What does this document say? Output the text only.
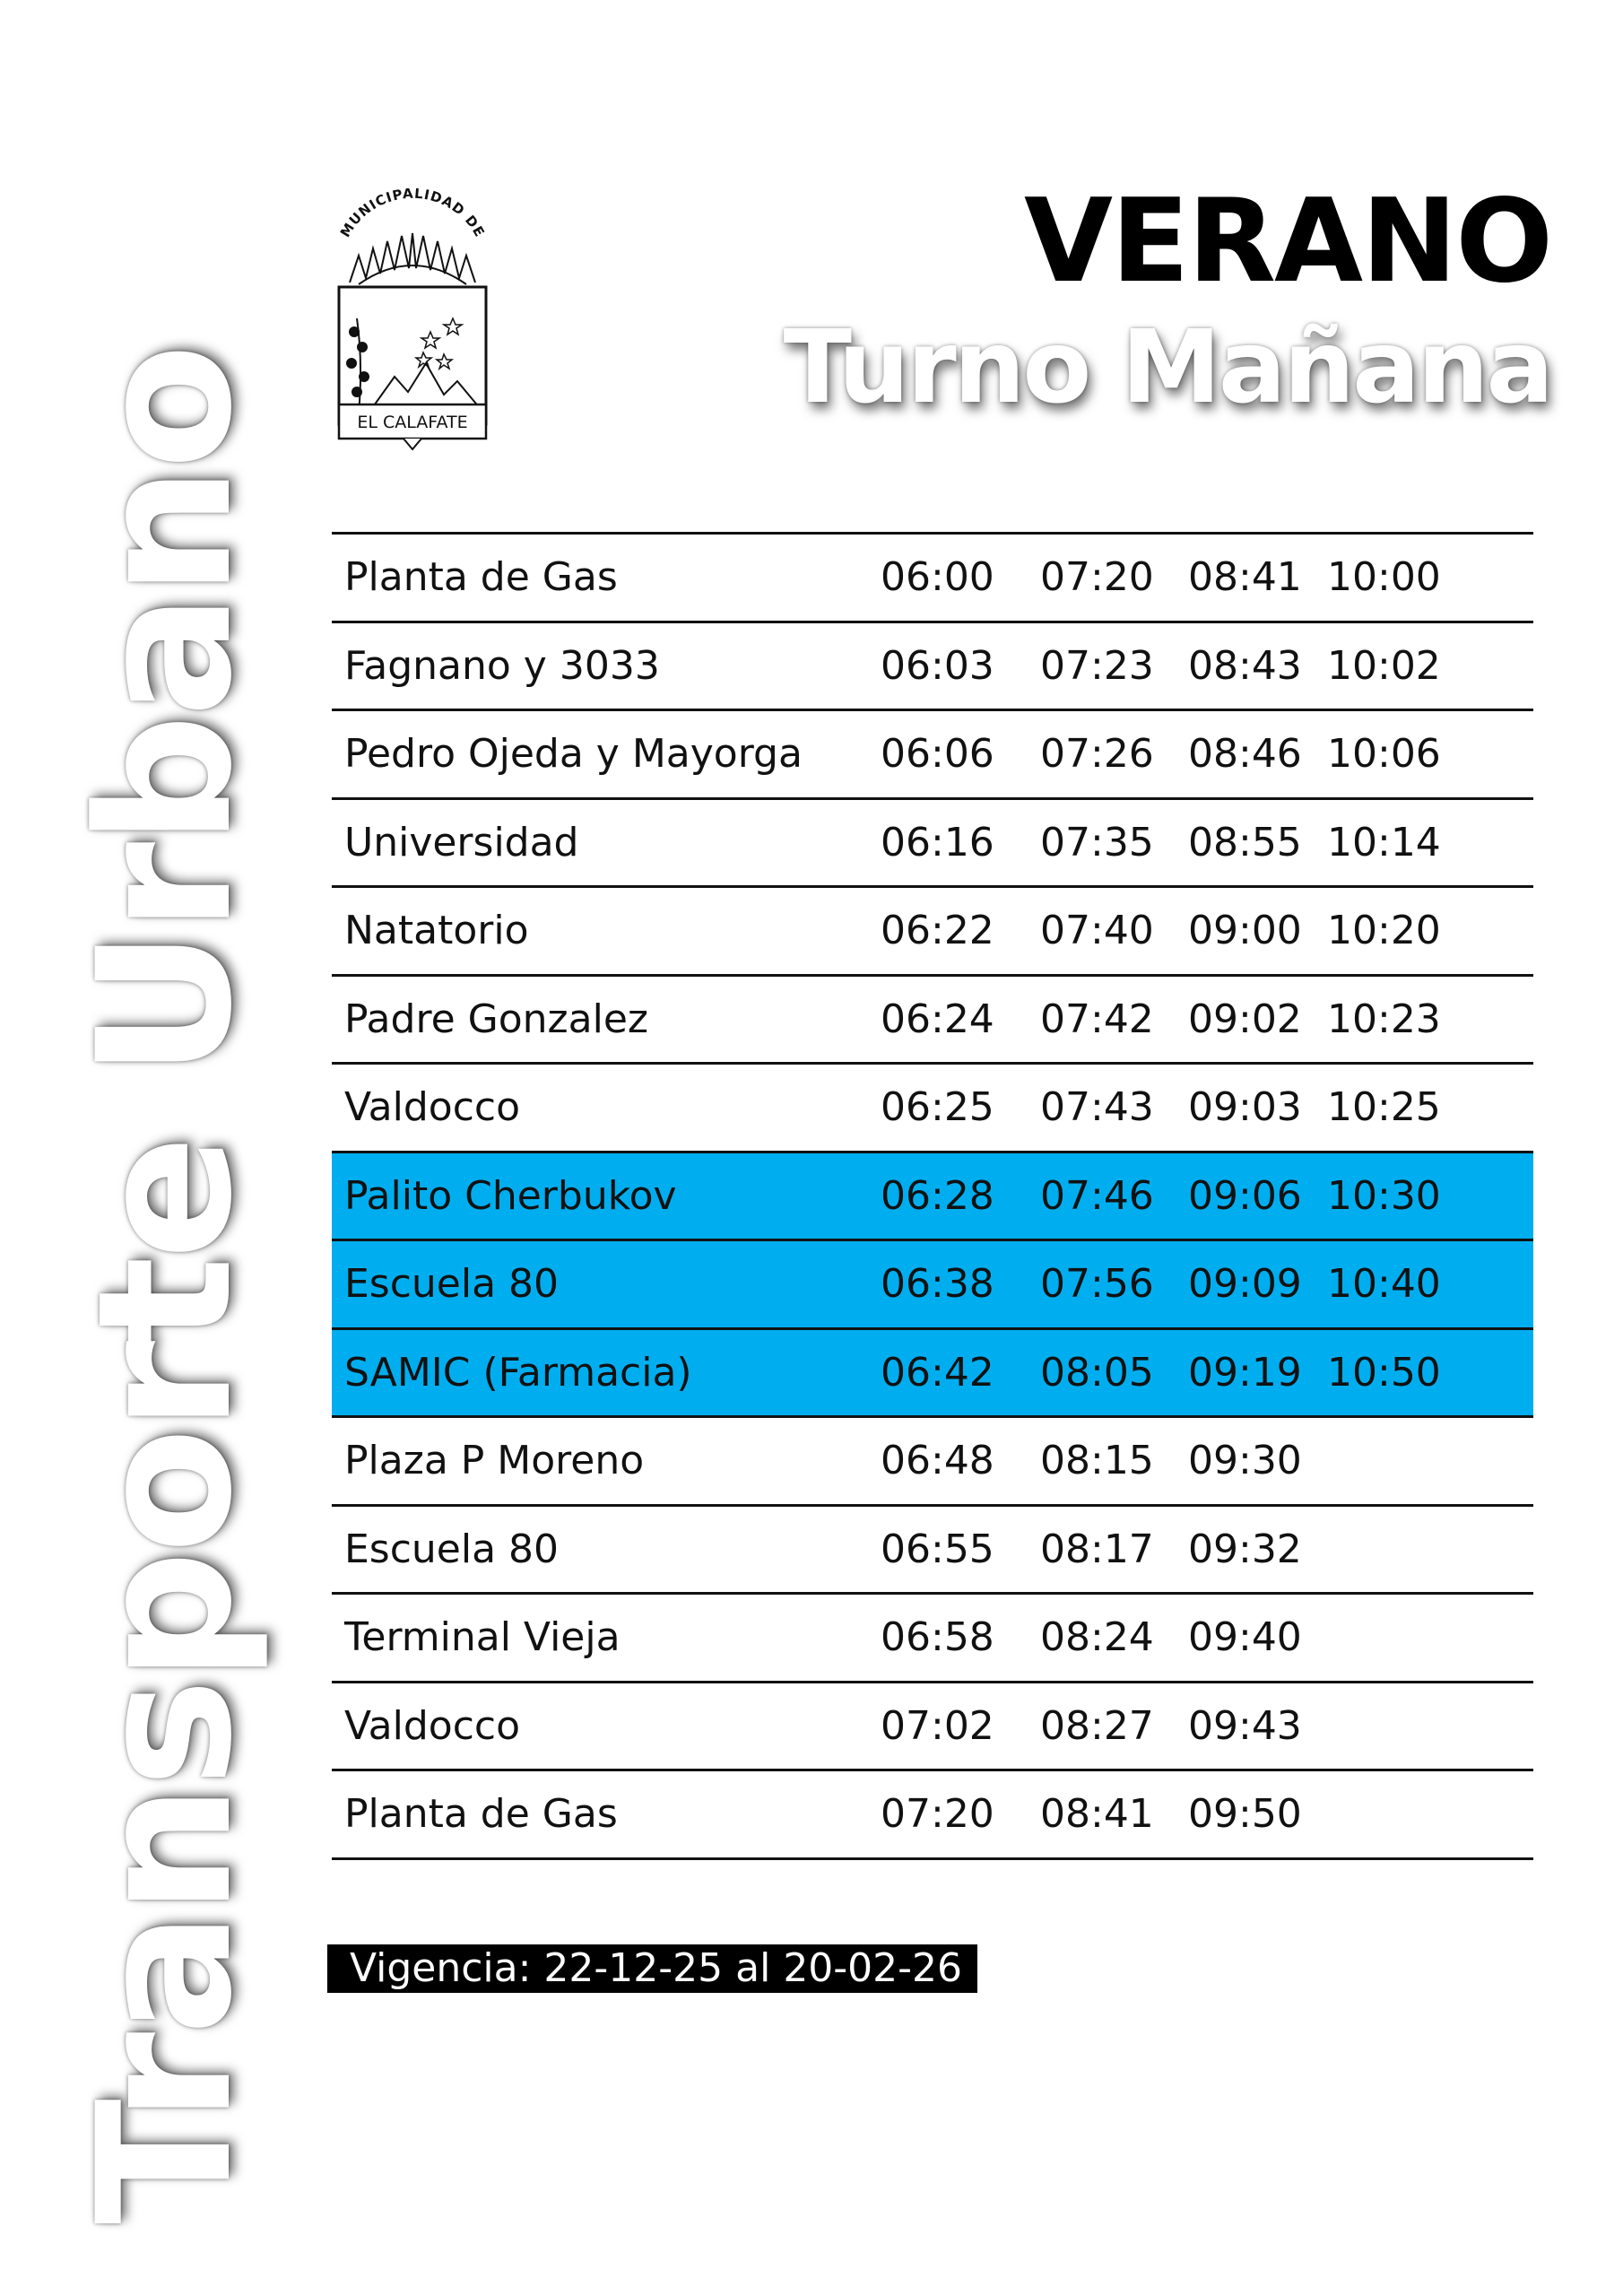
Transporte Urbano
MUNICIPALIDAD DE
EL CALAFATE
VERANO
Turno Mañana
Planta de Gas	06:00 07:20 08:41 10:00
Fagnano y 3033	06:03 07:23 08:43 10:02
Pedro Ojeda y Mayorga 06:06 07:26 08:46 10:06
Universidad	06:16 07:35 08:55 10:14
Natatorio	06:22 07:40 09:00 10:20
Padre Gonzalez	06:24 07:42 09:02 10:23
Valdocco	06:25 07:43 09:03 10:25
Palito Cherbukov	06:28 07:46 09:06 10:30
Escuela 80	06:38 07:56 09:09 10:40
SAMIC (Farmacia)	06:42 08:05 09:19 10:50
Plaza P Moreno	06:48 08:15 09:30
Escuela 80	06:55 08:17 09:32
Terminal Vieja	06:58 08:24 09:40
Valdocco	07:02 08:27 09:43
Planta de Gas	07:20 08:41 09:50
Vigencia: 22-12-25 al 20-02-26
